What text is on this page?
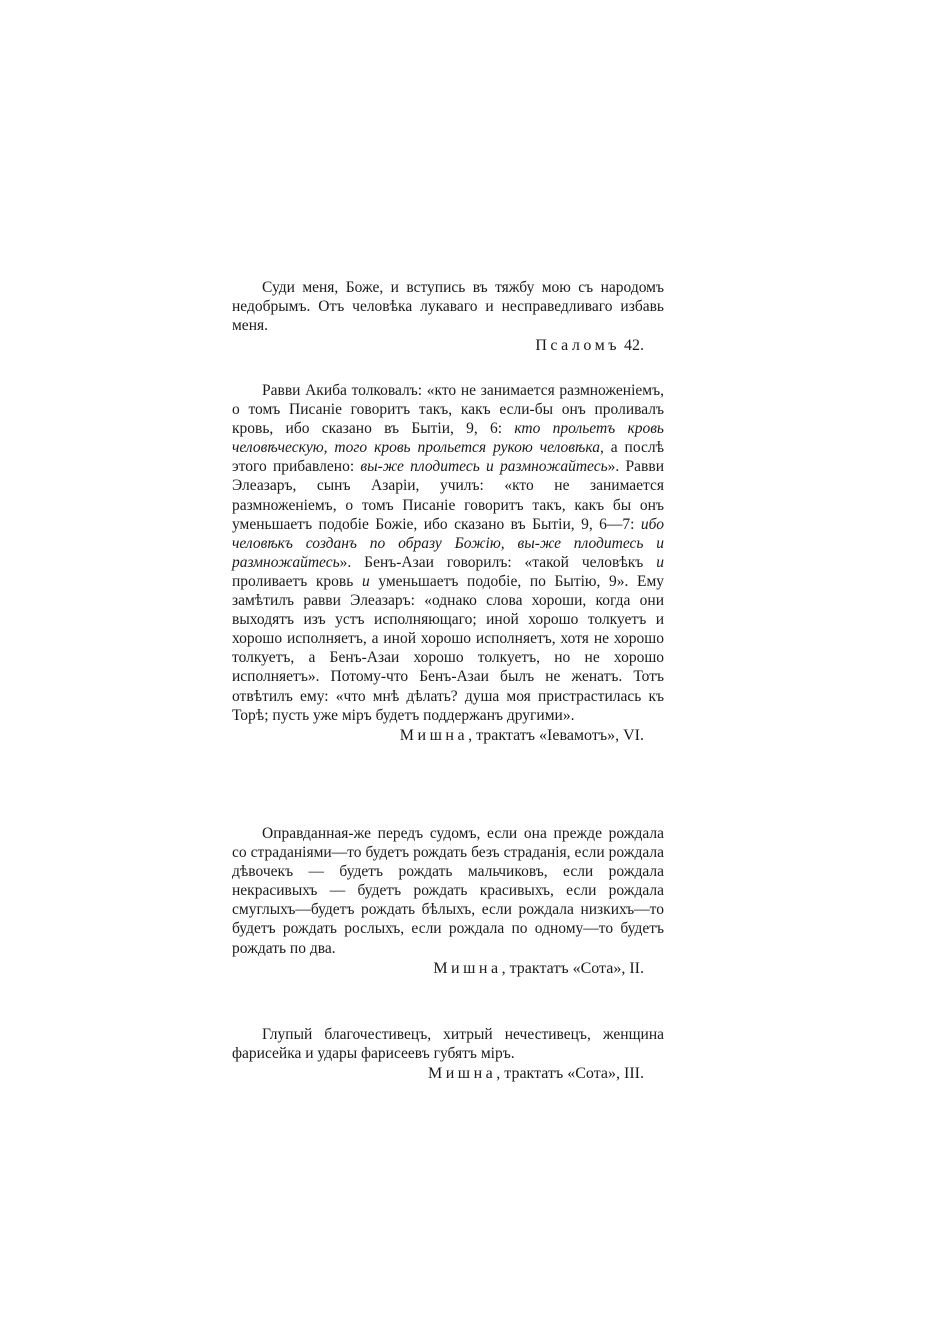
Суди меня, Боже, и вступись въ тяжбу мою съ народомъ недобрымъ. Отъ человѣка лукаваго и несправедливаго избавь меня.

Псаломъ 42.

Равви Акиба толковалъ: «кто не занимается размноженіемъ, о томъ Писаніе говоритъ такъ, какъ если-бы онъ проливалъ кровь, ибо сказано въ Бытіи, 9, 6: кто прольетъ кровь человѣческую, того кровь прольется рукою человѣка, а послѣ этого прибавлено: вы-же плодитесь и размножайтесь». Равви Элеазаръ, сынъ Азаріи, училъ: «кто не занимается размноженіемъ, о томъ Писаніе говоритъ такъ, какъ бы онъ уменьшаетъ подобіе Божіе, ибо сказано въ Бытіи, 9, 6—7: ибо человѣкъ созданъ по образу Божію, вы-же плодитесь и размножайтесь». Бенъ-Азаи говорилъ: «такой человѣкъ и проливаетъ кровь и уменьшаетъ подобіе, по Бытію, 9». Ему замѣтилъ равви Элеазаръ: «однако слова хороши, когда они выходятъ изъ устъ исполняющаго; иной хорошо толкуетъ и хорошо исполняетъ, а иной хорошо исполняетъ, хотя не хорошо толкуетъ, а Бенъ-Азаи хорошо толкуетъ, но не хорошо исполняетъ». Потому-что Бенъ-Азаи былъ не женатъ. Тотъ отвѣтилъ ему: «что мнѣ дѣлать? душа моя пристрастилась къ Торѣ; пусть уже міръ будетъ поддержанъ другими».

Мишна, трактатъ «Іевамотъ», VI.

Оправданная-же передъ судомъ, если она прежде рождала со страданіями—то будетъ рождать безъ страданія, если рождала дѣвочекъ — будетъ рождать мальчиковъ, если рождала некрасивыхъ — будетъ рождать красивыхъ, если рождала смуглыхъ—будетъ рождать бѣлыхъ, если рождала низкихъ—то будетъ рождать рослыхъ, если рождала по одному—то будетъ рождать по два.

Мишна, трактатъ «Сота», II.

Глупый благочестивецъ, хитрый нечестивецъ, женщина фарисейка и удары фарисеевъ губятъ міръ.

Мишна, трактатъ «Сота», III.
